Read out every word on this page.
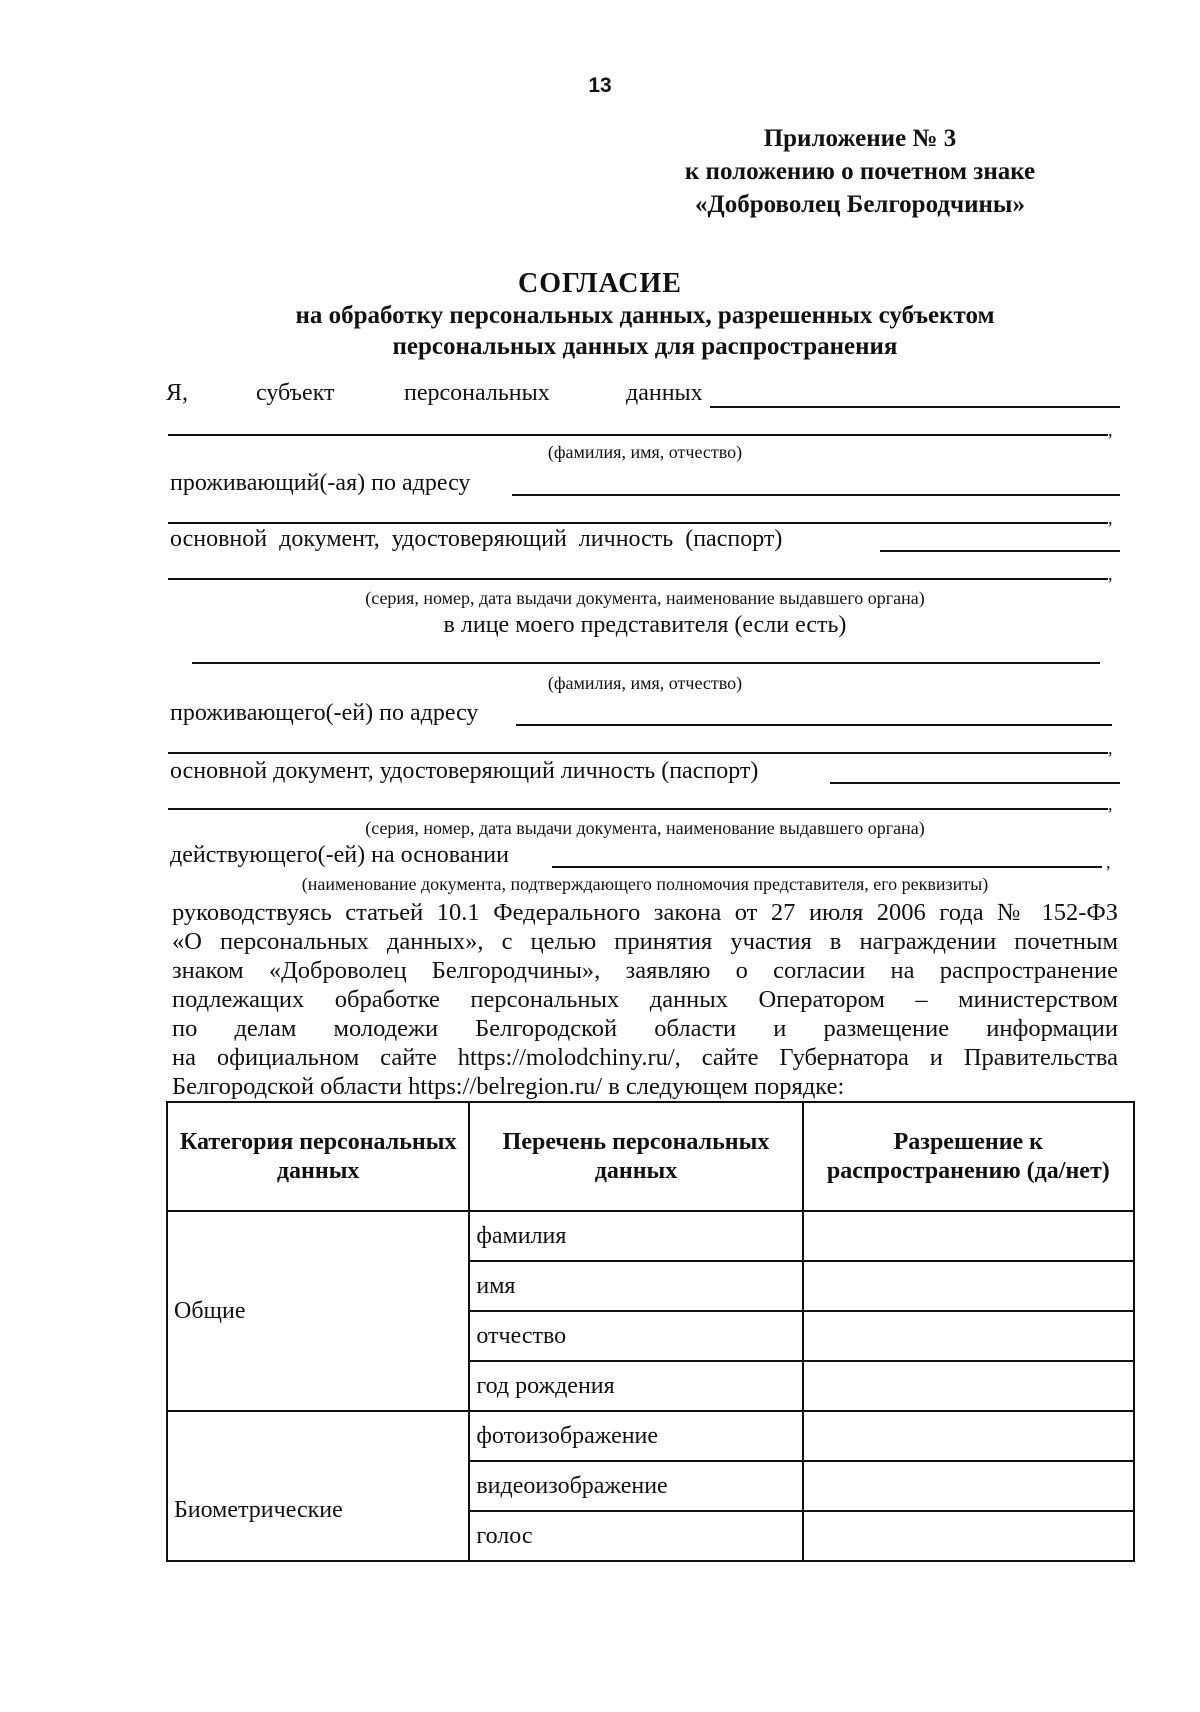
13
Приложение № 3
к положению о почетном знаке
«Доброволец Белгородчины»
СОГЛАСИЕ
на обработку персональных данных, разрешенных субъектом
персональных данных для распространения
Я,	субъект	персональных	данных
,
(фамилия, имя, отчество)
проживающий(-ая) по адресу
,
основной документ, удостоверяющий личность (паспорт)
,
(серия, номер, дата выдачи документа, наименование выдавшего органа)
в лице моего представителя (если есть)
(фамилия, имя, отчество)
проживающего(-ей) по адресу
,
основной документ, удостоверяющий личность (паспорт)
,
(серия, номер, дата выдачи документа, наименование выдавшего органа)
действующего(-ей) на основании	,
(наименование документа, подтверждающего полномочия представителя, его реквизиты)
руководствуясь статьей 10.1 Федерального закона от 27 июля 2006 года № 152-ФЗ
«О персональных данных», с целью принятия участия в награждении почетным
знаком «Доброволец Белгородчины», заявляю о согласии на распространение
подлежащих обработке персональных данных Оператором – министерством
по делам молодежи Белгородской области и размещение информации
на официальном сайте https://molodchiny.ru/, сайте Губернатора и Правительства
Белгородской области https://belregion.ru/ в следующем порядке:
Категория персональных данных	Перечень персональных данных	Разрешение к распространению (да/нет)
Общие	фамилия	
	имя	
	отчество	
	год рождения	
Биометрические	фотоизображение	
	видеоизображение	
	голос	
